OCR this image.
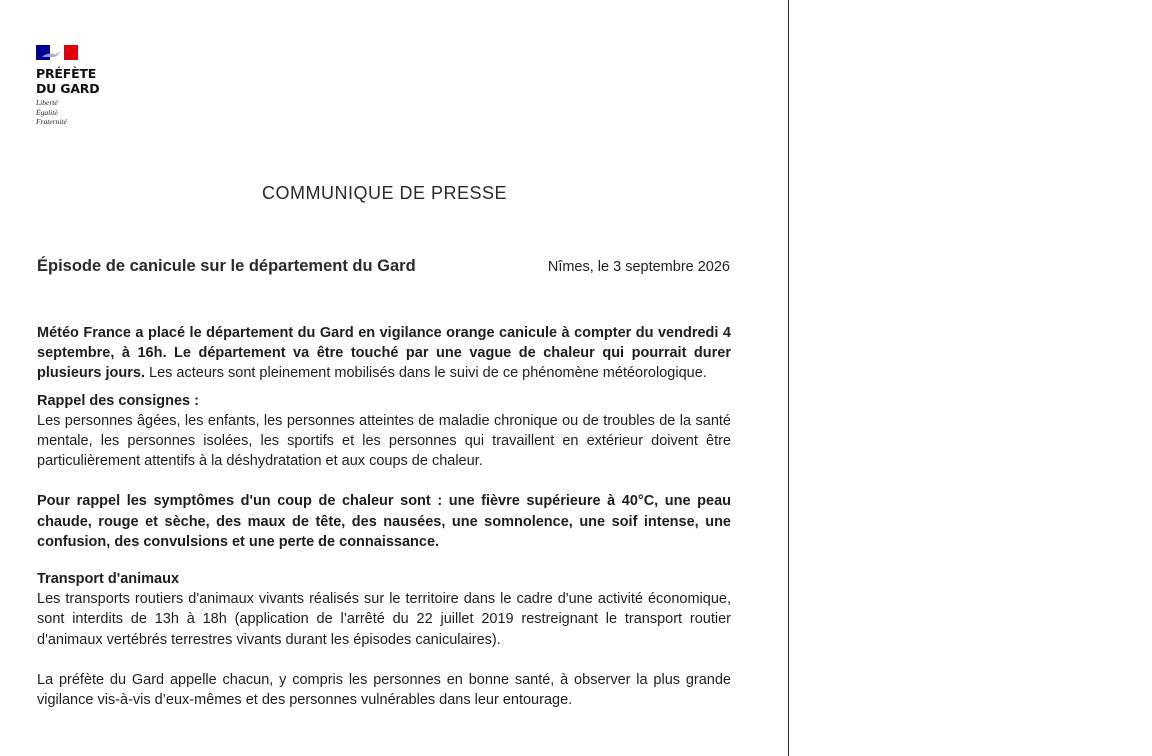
PRÉFÈTE
DU GARD
Liberté
Égalité
Fraternité
COMMUNIQUE DE PRESSE
Épisode de canicule sur le département du Gard	Nîmes, le 3 septembre 2026

Météo France a placé le département du Gard en vigilance orange canicule à compter du vendredi 4 septembre, à 16h. Le département va être touché par une vague de chaleur qui pourrait durer plusieurs jours. Les acteurs sont pleinement mobilisés dans le suivi de ce phénomène météorologique.

Rappel des consignes :

Les personnes âgées, les enfants, les personnes atteintes de maladie chronique ou de troubles de la santé mentale, les personnes isolées, les sportifs et les personnes qui travaillent en extérieur doivent être particulièrement attentifs à la déshydratation et aux coups de chaleur.

Pour rappel les symptômes d'un coup de chaleur sont : une fièvre supérieure à 40°C, une peau chaude, rouge et sèche, des maux de tête, des nausées, une somnolence, une soif intense, une confusion, des convulsions et une perte de connaissance.

Transport d'animaux

Les transports routiers d'animaux vivants réalisés sur le territoire dans le cadre d'une activité économique, sont interdits de 13h à 18h (application de l’arrêté du 22 juillet 2019 restreignant le transport routier d'animaux vertébrés terrestres vivants durant les épisodes caniculaires).

La préfète du Gard appelle chacun, y compris les personnes en bonne santé, à observer la plus grande vigilance vis-à-vis d’eux-mêmes et des personnes vulnérables dans leur entourage.
